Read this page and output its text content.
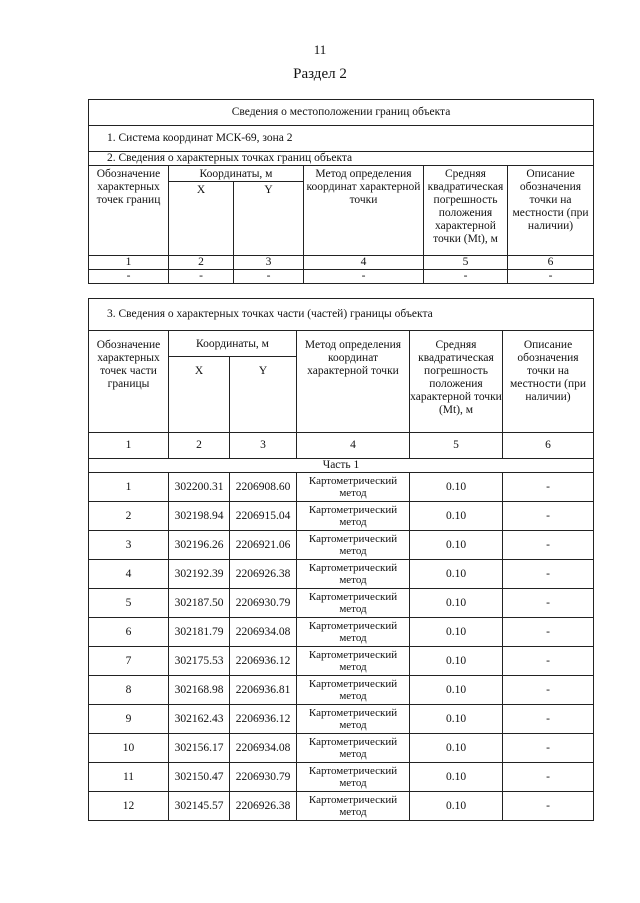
11
Раздел 2
Сведения о местоположении границ объекта					
1. Система координат МСК-69, зона 2					
2. Сведения о характерных точках границ объекта					
Обозначение характерных точек границ	Координаты, м		Метод определения координат характерной точки	Средняя квадратическая погрешность положения характерной точки (Mt), м	Описание обозначения точки на местности (при наличии)
	X	Y			
1	2	3	4	5	6
-	-	-	-	-	-
3. Сведения о характерных точках части (частей) границы объекта					
Обозначение характерных точек части границы	Координаты, м		Метод определения координат характерной точки	Средняя квадратическая погрешность положения характерной точки (Mt), м	Описание обозначения точки на местности (при наличии)
	X	Y			
1	2	3	4	5	6
Часть 1					
1	302200.31	2206908.60	Картометрический метод	0.10	-
2	302198.94	2206915.04	Картометрический метод	0.10	-
3	302196.26	2206921.06	Картометрический метод	0.10	-
4	302192.39	2206926.38	Картометрический метод	0.10	-
5	302187.50	2206930.79	Картометрический метод	0.10	-
6	302181.79	2206934.08	Картометрический метод	0.10	-
7	302175.53	2206936.12	Картометрический метод	0.10	-
8	302168.98	2206936.81	Картометрический метод	0.10	-
9	302162.43	2206936.12	Картометрический метод	0.10	-
10	302156.17	2206934.08	Картометрический метод	0.10	-
11	302150.47	2206930.79	Картометрический метод	0.10	-
12	302145.57	2206926.38	Картометрический метод	0.10	-
